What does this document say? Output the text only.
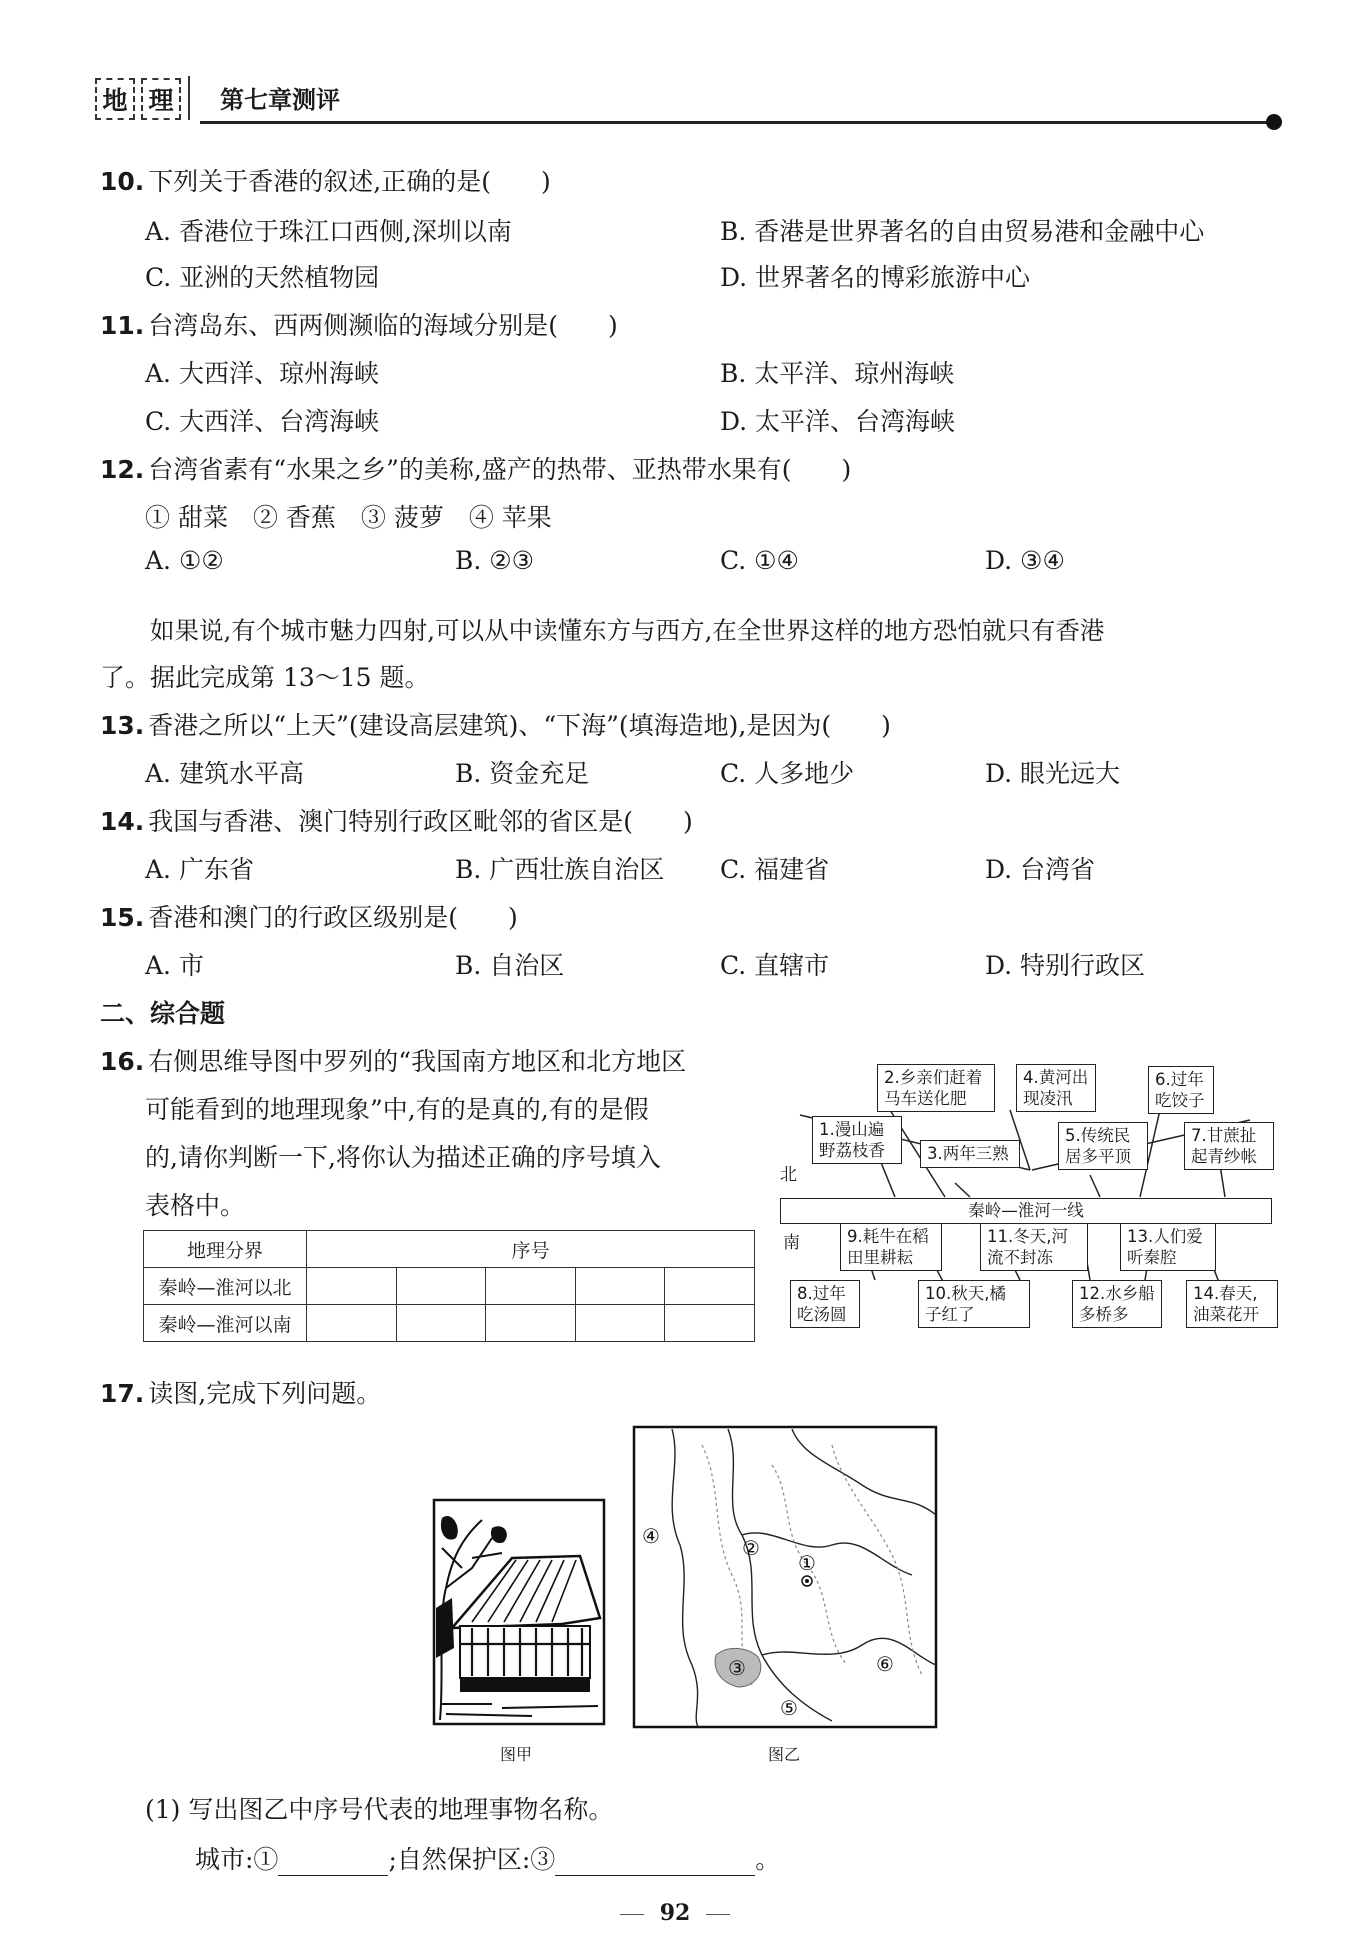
地 理	第七章测评
10. 下列关于香港的叙述,正确的是(　　)
A. 香港位于珠江口西侧,深圳以南	B. 香港是世界著名的自由贸易港和金融中心
C. 亚洲的天然植物园	D. 世界著名的博彩旅游中心
11. 台湾岛东、西两侧濒临的海域分别是(　　)
A. 大西洋、琼州海峡	B. 太平洋、琼州海峡
C. 大西洋、台湾海峡	D. 太平洋、台湾海峡
12. 台湾省素有“水果之乡”的美称,盛产的热带、亚热带水果有(　　)
① 甜菜　② 香蕉　③ 菠萝　④ 苹果
A. ①②	B. ②③	C. ①④	D. ③④
如果说,有个城市魅力四射,可以从中读懂东方与西方,在全世界这样的地方恐怕就只有香港
了。据此完成第 13～15 题。
13. 香港之所以“上天”(建设高层建筑)、“下海”(填海造地),是因为(　　)
A. 建筑水平高	B. 资金充足	C. 人多地少	D. 眼光远大
14. 我国与香港、澳门特别行政区毗邻的省区是(　　)
A. 广东省	B. 广西壮族自治区 C. 福建省	D. 台湾省
15. 香港和澳门的行政区级别是(　　)
A. 市	B. 自治区	C. 直辖市	D. 特别行政区
二、综合题
16. 右侧思维导图中罗列的“我国南方地区和北方地区
可能看到的地理现象”中,有的是真的,有的是假
的,请你判断一下,将你认为描述正确的序号填入
表格中。
地理分界	序号				
秦岭—淮河以北					
秦岭—淮河以南					
秦岭—淮河一线
北
南
1.漫山遍
野荔枝香
2.乡亲们赶着
马车送化肥
3.两年三熟
4.黄河出
现凌汛
5.传统民
居多平顶
6.过年
吃饺子
7.甘蔗扯
起青纱帐
8.过年
吃汤圆
9.耗牛在稻
田里耕耘
10.秋天,橘
子红了
11.冬天,河
流不封冻
12.水乡船
多桥多
13.人们爱
听秦腔
14.春天,
油菜花开
17. 读图,完成下列问题。
图甲
①
②
③
④
⑤
⑥
图乙
(1) 写出图乙中序号代表的地理事物名称。
城市:①	;自然保护区:③	。
92
